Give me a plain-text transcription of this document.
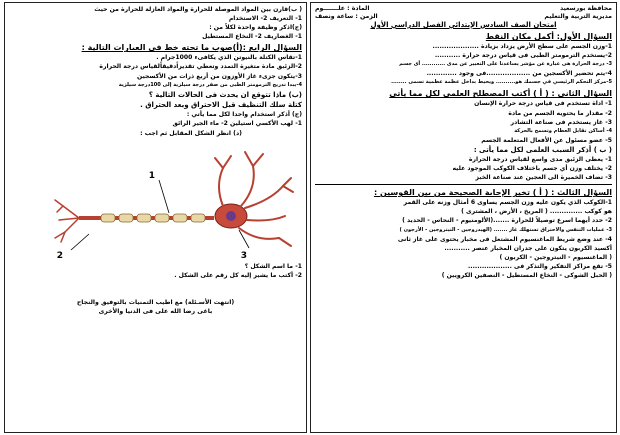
محافظة بورسعيد
مديرية التربية والتعليم
المادة : علـــــــوم
الزمن : ساعة ونصف
امتحان الصف السادس الإبتدائي الفصل الدراسي الأول
السؤال الأول: أكمل مكان النقط
1-وزن الجسم على سطح الأرض يزداد بزيادة ....................
2-يستخدم الترمومتر الطبى فى قياس درجة حرارة ...........
3- درجة الحرارة هى عبارة عن مؤشر يساعدنا على التعبير عن مدى ............ أى جسم
4-يتم تحضير الأكسجين من ...................فى وجود .............
5-مركز التحكم الرئيسي في جسمك هو.......... ويحيط بداخل عظمة عظمية تسمى ........
السؤال الثانى : ( أ ) أكتب المصطلح العلمى لكل مما يأتى
1- اداة تستخدم فى قياس درجة حرارة الإنسان
2- مقدار ما يحتويه الجسم من مادة
3- غاز يستخدم فى صناعة التشادر
4- أساكن تقابل العظام وتسمح بالحركة
5- عضو مسئول عن الأفعال المتعلمة الجسم
( ب ) أذكر السبب العلمى لكل مما يأتى :
1- يعطى الزئبق مدى واسع لقياس درجة الحرارة
2- يختلف وزن أي جسم باختلاف الكوكب الموجود عليه
3- تضاف الخميرة الى العجين عند صناعة الخبز
السؤال الثالث : ( أ ) تخير الإجابة الصحيحة من بين القوسين :
1-الكوكب الذي يكون عليه وزن الجسم يساوى 6 أمثال وزنه على القمر
هو كوكب .............. ( المريخ ، الأرض ، المشترى )
2- حدد أيهما اسرع توصيلاً للحرارة .......(الألومنيوم - النحاس - الحديد )
3- عمليات التنفس والاحتراق تستهلك غاز ....... (الهيدروجين - النيتروجين - الأرجون )
4- عند وضع شريط الماغنسيوم المشتعل فى مخبار يحتوى على غاز ثانى
أكسيد الكربون يتكون على جدران المخبار عنصر ...........
( الماغنسيوم - النيتروجين - الكربون )
5- تقع مراكز التفكير والتذكر فى ...................
( الحبل الشوكى - النخاع المستطيل - النصفين الكرويين )
( ب)قارن بين المواد الموصلة للحرارة والمواد العازلة للحرارة من حيث
1- التعريف 2- الاستخدام
(ج)اذكر وظيفة واحدة لكلاً من :
1- الغضاريف 2- النخاع المستطيل
السؤال الرابع :(أ)صوب ما تحته خط فى العبارات التالية :
1-تقاس الكتلة بالنيوتن الذي يكافىء 1000جرام .
2-الزئبق مادة متغيرة التمدد وتعطي تقديراًدقيقاًلقياس درجة الحرارة
3-يتكون جزىء غاز الأوزون من أربع ذرات من الأكسجين
4-يبدا تدريج الترمومتر الطبى من صفر درجة سيلزية إلى 100درجة سيلزية
(ب) ماذا تتوقع ان يحدث فى الحالات التالية ؟
كتلة سلك التنظيف قبل الاحتراق وبعد الحتراق .
(ج) أذكر استخدام واحدا لكل مما يأتي :
1- لهب الأكسي استيلين 2- ماء الجير الرائق
(د) انظر الشكل المقابل ثم اجب :
1
2	3
1- ما اسم الشكل ؟
2- أكتب ما يشير إليه كل رقم على الشكل .
(انتهت الأسـئلة) مع اطيب التمنيات بالتوفيق والنجاح
باغى رضا الله على فى الدنيا والأخرى
